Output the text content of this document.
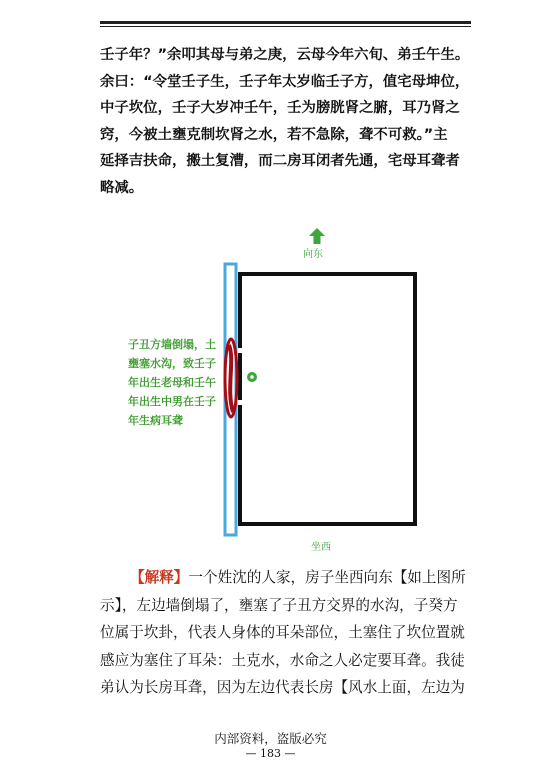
壬子年？”余叩其母与弟之庚，云母今年六旬、弟壬午生。
余曰：“令堂壬子生，壬子年太岁临壬子方，值宅母坤位，
中子坎位，壬子大岁冲壬午，壬为膀胱肾之腑，耳乃肾之
窍，今被土壅克制坎肾之水，若不急除，聋不可救。”主
延择吉扶命，搬土复漕，而二房耳闭者先通，宅母耳聋者
略减。
向东
坐西
子丑方墙倒塌，土
壅塞水沟，致壬子
年出生老母和壬午
年出生中男在壬子
年生病耳聋
【解释】一个姓沈的人家，房子坐西向东【如上图所
示】，左边墙倒塌了，壅塞了子丑方交界的水沟，子癸方
位属于坎卦，代表人身体的耳朵部位，土塞住了坎位置就
感应为塞住了耳朵：土克水，水命之人必定要耳聋。我徒
弟认为长房耳聋，因为左边代表长房【风水上面，左边为
内部资料，盗版必究
— 183 —
